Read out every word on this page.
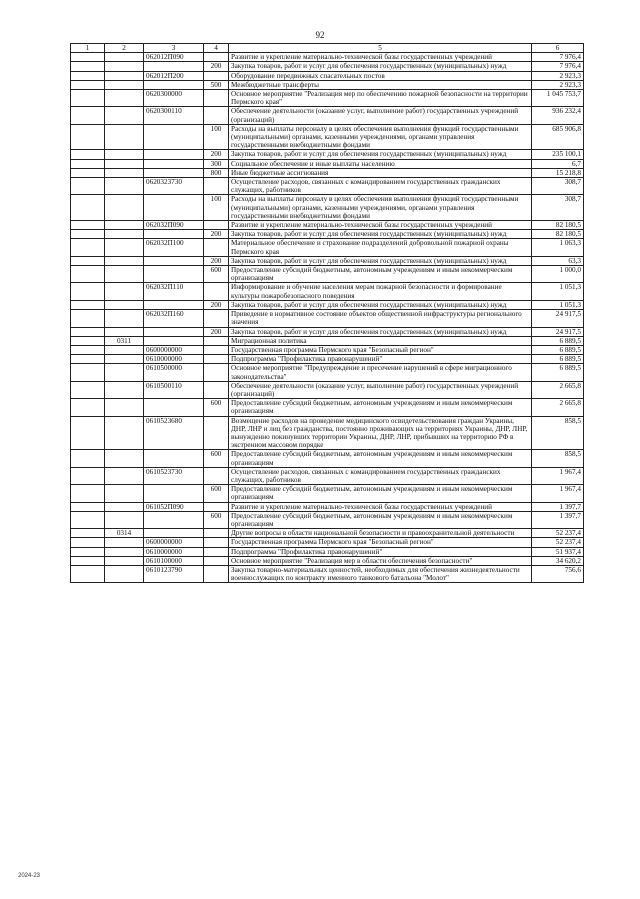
92
1	2	3	4	5	6
		062012П090		Развитие и укрепление материально-технической базы государственных учреждений	7 976,4
			200	Закупка товаров, работ и услуг для обеспечения государственных (муниципальных) нужд	7 976,4
		062012П200		Оборудование передвижных спасательных постов	2 923,3
			500	Межбюджетные трансферты	2 923,3
		0620300000		Основное мероприятие "Реализация мер по обеспечению пожарной безопасности на территории Пермского края"	1 045 753,7
		0620300110		Обеспечение деятельности (оказание услуг, выполнение работ) государственных учреждений (организаций)	936 232,4
			100	Расходы на выплаты персоналу в целях обеспечения выполнения функций государственными (муниципальными) органами, казенными учреждениями, органами управления государственными внебюджетными фондами	685 906,8
			200	Закупка товаров, работ и услуг для обеспечения государственных (муниципальных) нужд	235 100,1
			300	Социальное обеспечение и иные выплаты населению	6,7
			800	Иные бюджетные ассигнования	15 218,8
		0620323730		Осуществление расходов, связанных с командированием государственных гражданских служащих, работников	308,7
			100	Расходы на выплаты персоналу в целях обеспечения выполнения функций государственными (муниципальными) органами, казенными учреждениями, органами управления государственными внебюджетными фондами	308,7
		062032П090		Развитие и укрепление материально-технической базы государственных учреждений	82 180,5
			200	Закупка товаров, работ и услуг для обеспечения государственных (муниципальных) нужд	82 180,5
		062032П100		Материальное обеспечение и страхование подразделений добровольной пожарной охраны Пермского края	1 063,3
			200	Закупка товаров, работ и услуг для обеспечения государственных (муниципальных) нужд	63,3
			600	Предоставление субсидий бюджетным, автономным учреждениям и иным некоммерческим организациям	1 000,0
		062032П110		Информирование и обучение населения мерам пожарной безопасности и формирование культуры пожаробезопасного поведения	1 051,3
			200	Закупка товаров, работ и услуг для обеспечения государственных (муниципальных) нужд	1 051,3
		062032П160		Приведение в нормативное состояние объектов общественной инфраструктуры регионального значения	24 917,5
			200	Закупка товаров, работ и услуг для обеспечения государственных (муниципальных) нужд	24 917,5
	0311			Миграционная политика	6 889,5
		0600000000		Государственная программа Пермского края "Безопасный регион"	6 889,5
		0610000000		Подпрограмма "Профилактика правонарушений"	6 889,5
		0610500000		Основное мероприятие "Предупреждение и пресечение нарушений в сфере миграционного законодательства"	6 889,5
		0610500110		Обеспечение деятельности (оказание услуг, выполнение работ) государственных учреждений (организаций)	2 665,8
			600	Предоставление субсидий бюджетным, автономным учреждениям и иным некоммерческим организациям	2 665,8
		0610523680		Возмещение расходов на проведение медицинского освидетельствования граждан Украины, ДНР, ЛНР и лиц без гражданства, постоянно проживающих на территориях Украины, ДНР, ЛНР, вынужденно покинувших территории Украины, ДНР, ЛНР, прибывших на территорию РФ в экстренном массовом порядке	858,5
			600	Предоставление субсидий бюджетным, автономным учреждениям и иным некоммерческим организациям	858,5
		0610523730		Осуществление расходов, связанных с командированием государственных гражданских служащих, работников	1 967,4
			600	Предоставление субсидий бюджетным, автономным учреждениям и иным некоммерческим организациям	1 967,4
		061052П090		Развитие и укрепление материально-технической базы государственных учреждений	1 397,7
			600	Предоставление субсидий бюджетным, автономным учреждениям и иным некоммерческим организациям	1 397,7
	0314			Другие вопросы в области национальной безопасности и правоохранительной деятельности	52 237,4
		0600000000		Государственная программа Пермского края "Безопасный регион"	52 237,4
		0610000000		Подпрограмма "Профилактика правонарушений"	51 937,4
		0610100000		Основное мероприятие "Реализация мер в области обеспечения безопасности"	34 620,2
		0610123790		Закупка товарно-материальных ценностей, необходимых для обеспечения жизнедеятельности военнослужащих по контракту именного танкового батальона "Молот"	756,6
2024-23
